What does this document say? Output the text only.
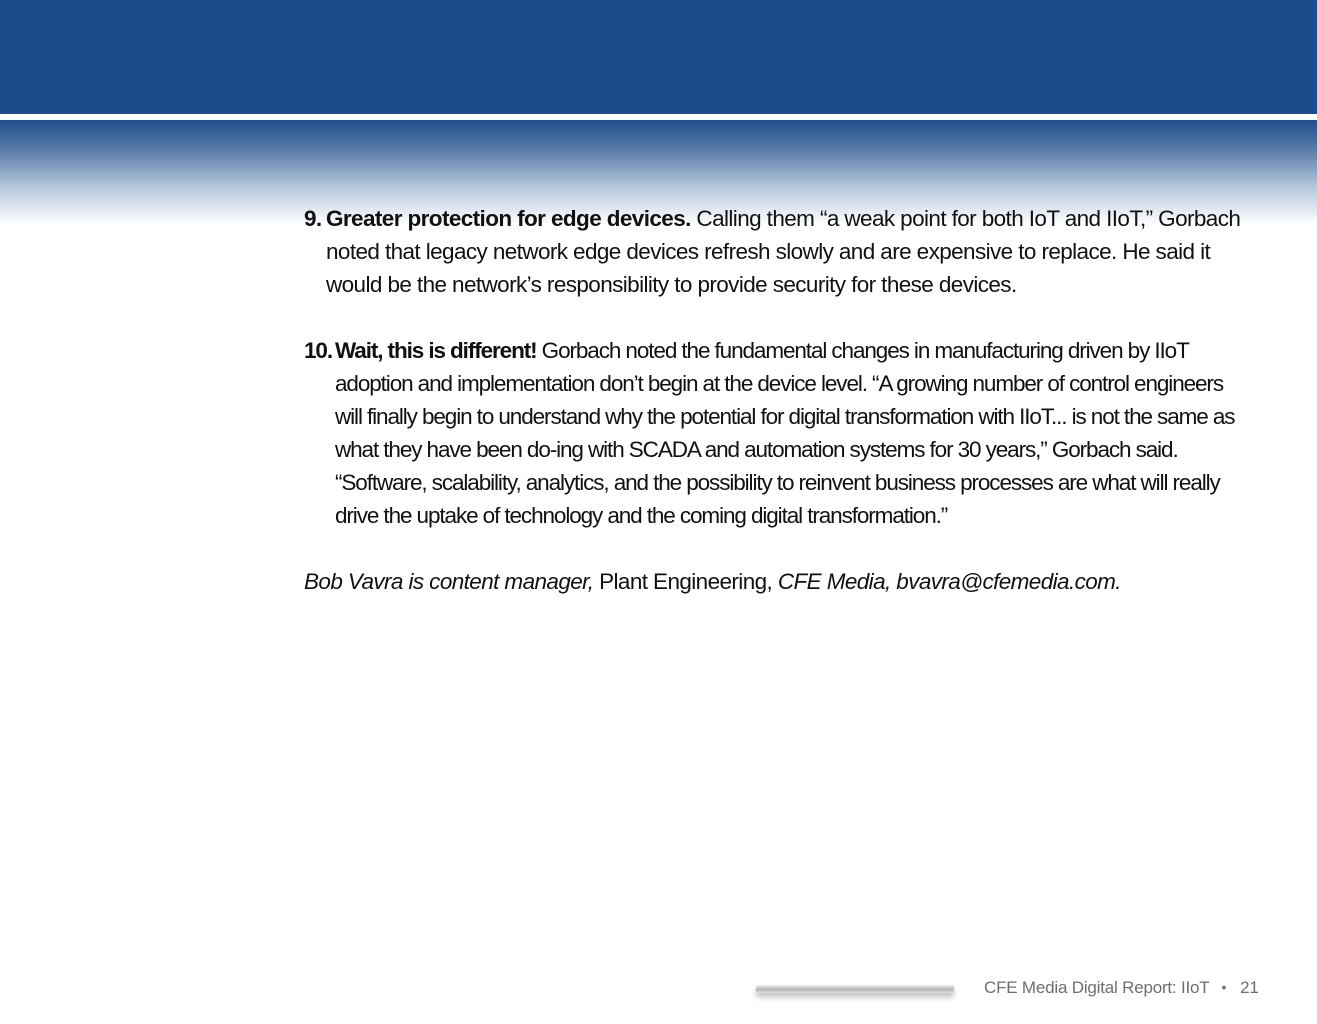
9. Greater protection for edge devices. Calling them “a weak point for both IoT and IIoT,” Gorbach noted that legacy network edge devices refresh slowly and are expensive to replace. He said it would be the network’s responsibility to provide security for these devices.
10. Wait, this is different! Gorbach noted the fundamental changes in manufacturing driven by IIoT adoption and implementation don’t begin at the device level. “A growing number of control engineers will finally begin to understand why the potential for digital transformation with IIoT... is not the same as what they have been do-ing with SCADA and automation systems for 30 years,” Gorbach said. “Software, scalability, analytics, and the possibility to reinvent business processes are what will really drive the uptake of technology and the coming digital transformation.”

Bob Vavra is content manager, Plant Engineering, CFE Media, bvavra@cfemedia.com.

CFE Media Digital Report: IIoT • 21
